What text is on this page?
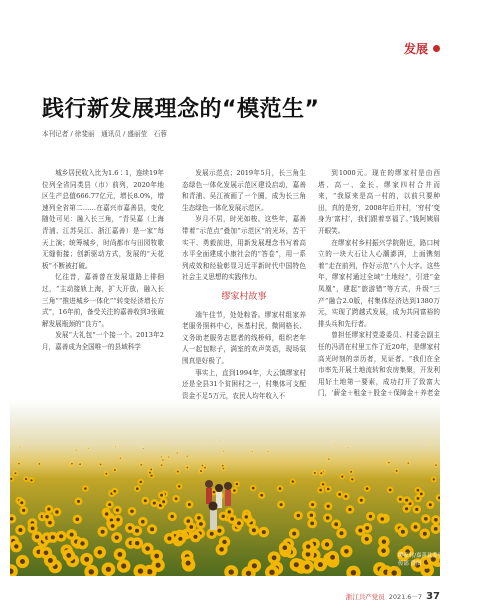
发展
践行新发展理念的“模范生”
本刊记者 / 徐斐丽　通讯员 / 盛丽莹　石蓉

城乡居民收入比为1.6∶1，连续19年位列全省同类县（市）前列，2020年地区生产总值666.77亿元，增长8.0%，增速列全省第二……在嘉兴市嘉善县，变化随处可见：融入长三角，“青吴嘉（上海青浦、江苏吴江、浙江嘉善）是一家”每天上演；统筹城乡，时尚都市与田园牧歌无缝衔接；创新驱动方式，发展的“天花板”不断被打破。

忆往昔，嘉善曾在发展道路上徘徊过，“主动接轨上海，扩大开放，融入长三角”“推进城乡一体化”“转变经济增长方式”，16年前，备受关注的嘉善收到3张破解发展瓶颈的“良方”。

发展“大礼包”一个接一个。2013年2月，嘉善成为全国唯一的县域科学

发展示范点；2019年5月，长三角生态绿色一体化发展示范区建设启动，嘉善和青浦、吴江被画了一个圈，成为长三角生态绿色一体化发展示范区。

岁月不居，时光如梭。这些年，嘉善带着“示范点”叠加“示范区”的光环，苦干实干、勇毅前进，用新发展理念书写着高水平全面建成小康社会的“答卷”，用一系列成效和经验彰显习近平新时代中国特色社会主义思想的实践伟力。

缪家村故事

端午佳节，处处粽香。缪家村组家养老服务照料中心，医基村民，微网格长、义务助老服务志愿者的线桥师，组织老年人一起包粽子，满室的欢声笑语，现场氛围真是好极了。

事实上，直到1994年，大云镇缪家村还是全县31个贫困村之一，村集体可支配资金不足5万元，农民人均年收入不

到1000元。现在的缪家村是由西塔、高一、金长、缪家四村合并而来，“我原来是高一村的，以前只要种田，真的是穷，2008年后并村，‘穷村’变身为‘富村’，我们跟着享福了。”钱阿姨眉开眼笑。

在缪家村乡村振兴学院附近，路口树立的一块大石让人心潮澎湃，上面镌刻着“走在前列，作好示范”八个大字。这些年，缪家村通过全域“土地经”，引进“金凤凰”，建起“旅游错”等方式，升级“三产”融合2.0版，村集体经济达到1380万元，实现了跨越式发展，成为共同富裕的排头兵和先行者。

曾担任缪家村党委委员、村委会副主任的冯清在村里工作了近20年，是缪家村高光时刻的亲历者，见证者。“我们在全市率先开展土地流转和农房集聚，开发利用好土地第一要素，成功打开了致富大门，‘薪金＋租金＋股金＋保障金＋养老金

缪家村/嘉善县委宣传部 供图
浙江共产党员 2021.6－7 37
